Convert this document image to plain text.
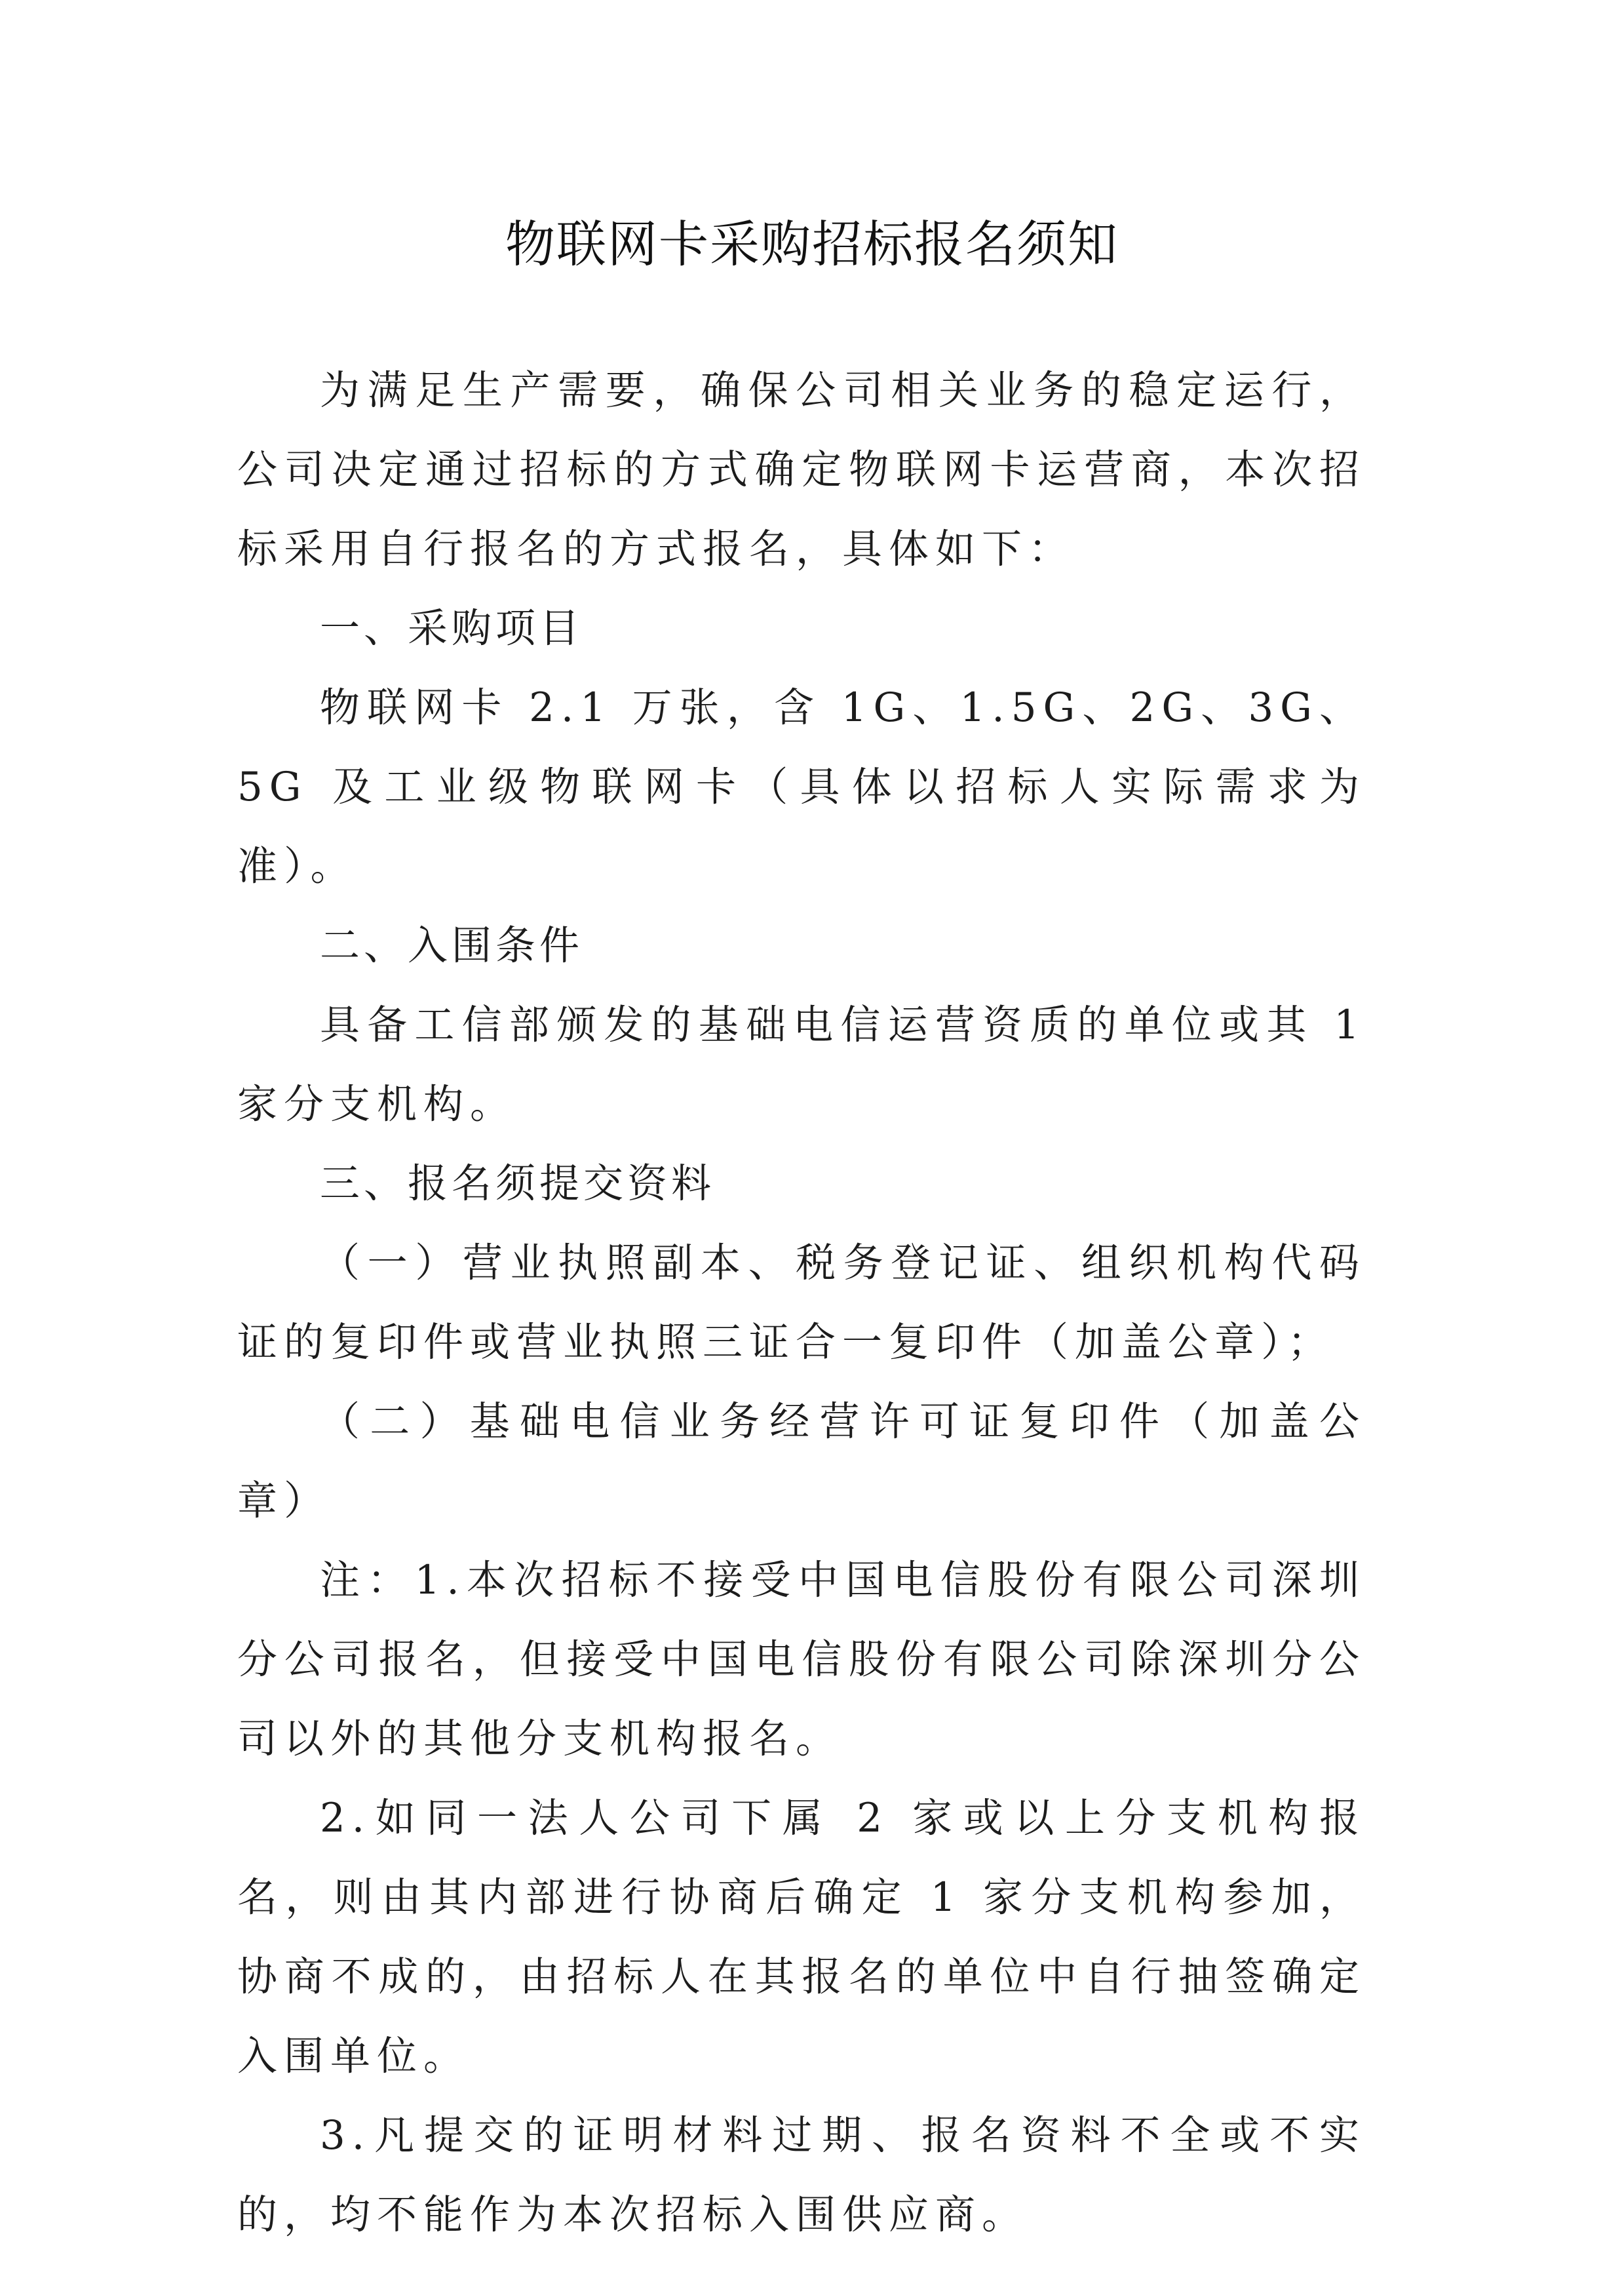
物联网卡采购招标报名须知

为满足生产需要，确保公司相关业务的稳定运行，公司决定通过招标的方式确定物联网卡运营商，本次招标采用自行报名的方式报名，具体如下：

一、采购项目

物联网卡 2.1 万张，含 1G、1.5G、2G、3G、5G 及工业级物联网卡（具体以招标人实际需求为准）。

二、入围条件

具备工信部颁发的基础电信运营资质的单位或其 1 家分支机构。

三、报名须提交资料

（一）营业执照副本、税务登记证、组织机构代码证的复印件或营业执照三证合一复印件（加盖公章）；

（二）基础电信业务经营许可证复印件（加盖公章）

注：1.本次招标不接受中国电信股份有限公司深圳分公司报名，但接受中国电信股份有限公司除深圳分公司以外的其他分支机构报名。

2.如同一法人公司下属 2 家或以上分支机构报名，则由其内部进行协商后确定 1 家分支机构参加，协商不成的，由招标人在其报名的单位中自行抽签确定入围单位。

3.凡提交的证明材料过期、报名资料不全或不实的，均不能作为本次招标入围供应商。
